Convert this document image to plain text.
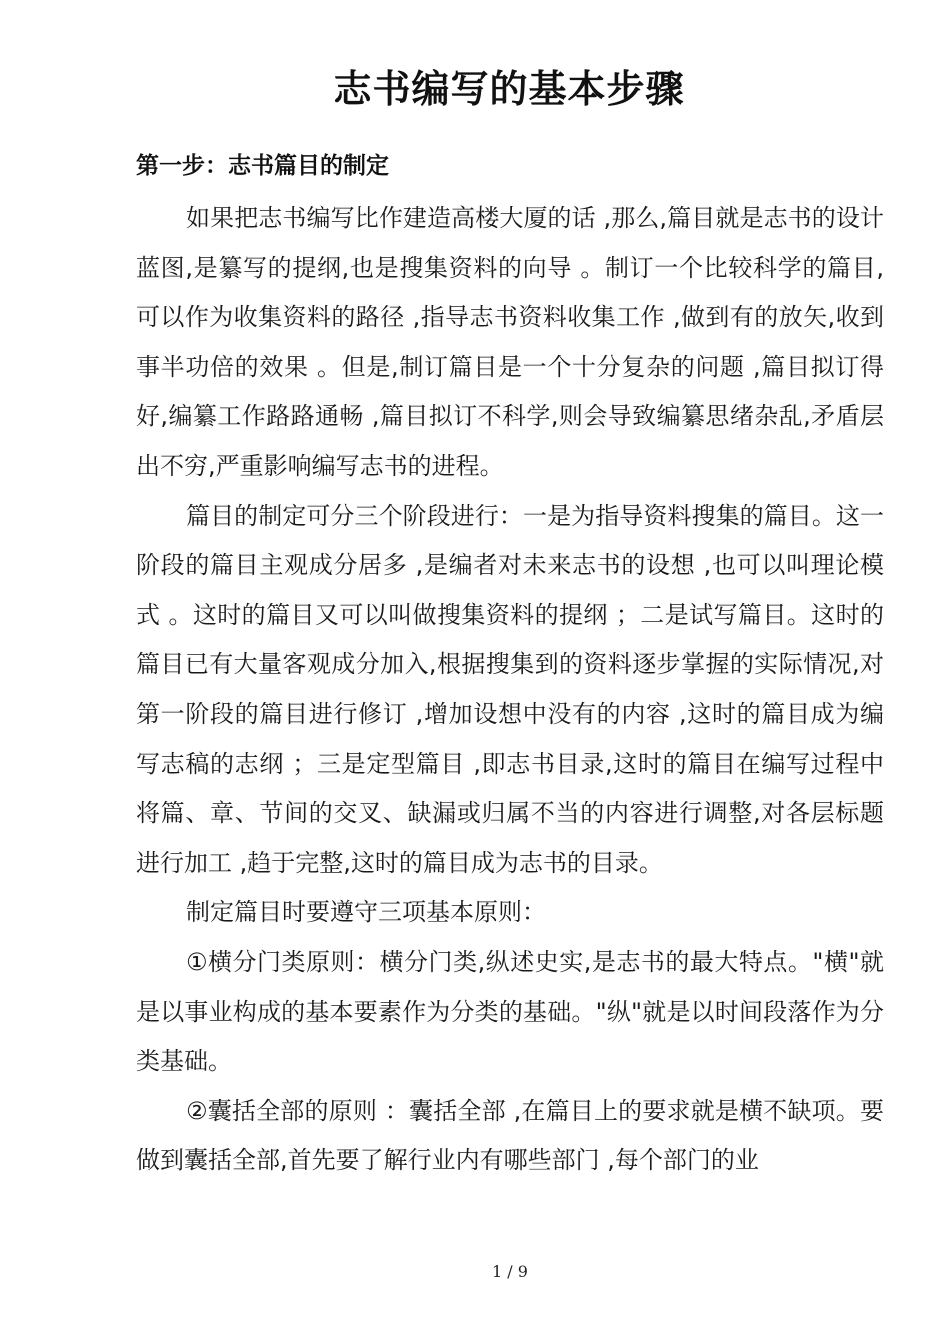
志书编写的基本步骤
第一步：志书篇目的制定

如果把志书编写比作建造高楼大厦的话 ,那么,篇目就是志书的设计蓝图,是纂写的提纲,也是搜集资料的向导 。制订一个比较科学的篇目,可以作为收集资料的路径 ,指导志书资料收集工作 ,做到有的放矢,收到事半功倍的效果 。但是,制订篇目是一个十分复杂的问题 ,篇目拟订得好,编纂工作路路通畅 ,篇目拟订不科学,则会导致编纂思绪杂乱,矛盾层出不穷,严重影响编写志书的进程。

篇目的制定可分三个阶段进行：一是为指导资料搜集的篇目。这一阶段的篇目主观成分居多 ,是编者对未来志书的设想 ,也可以叫理论模式 。这时的篇目又可以叫做搜集资料的提纲 ；二是试写篇目。这时的篇目已有大量客观成分加入,根据搜集到的资料逐步掌握的实际情况,对第一阶段的篇目进行修订 ,增加设想中没有的内容 ,这时的篇目成为编写志稿的志纲 ；三是定型篇目 ,即志书目录,这时的篇目在编写过程中将篇、章、节间的交叉、缺漏或归属不当的内容进行调整,对各层标题进行加工 ,趋于完整,这时的篇目成为志书的目录。

制定篇目时要遵守三项基本原则：

①横分门类原则：横分门类,纵述史实,是志书的最大特点。"横"就是以事业构成的基本要素作为分类的基础。"纵"就是以时间段落作为分类基础。

②囊括全部的原则 ：囊括全部 ,在篇目上的要求就是横不缺项。要做到囊括全部,首先要了解行业内有哪些部门 ,每个部门的业

1 / 9
